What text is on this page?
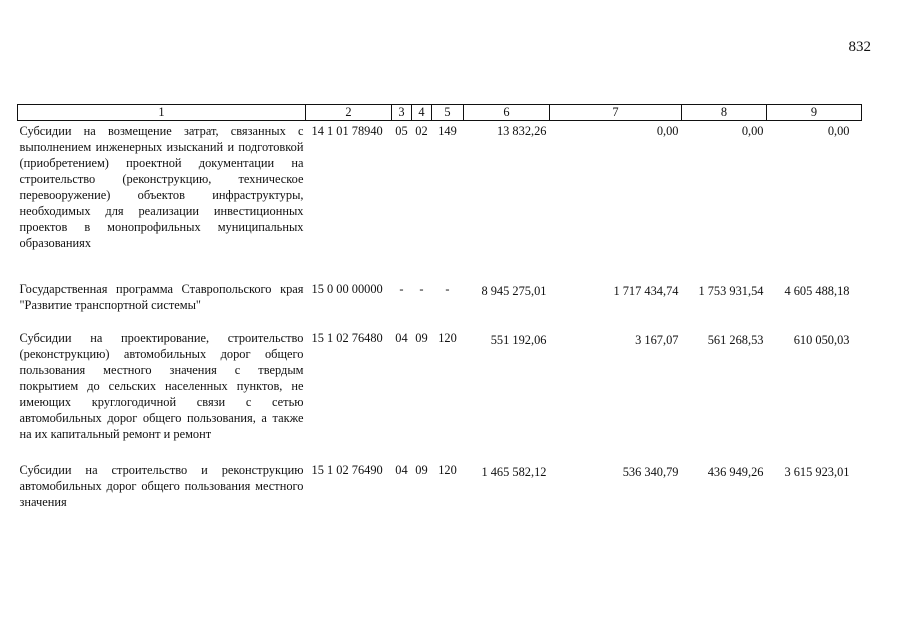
832
1	2	3	4	5	6	7	8	9
Субсидии на возмещение затрат, связанных с выполнением инженерных изысканий и подготовкой (приобретением) проектной документации на строительство (реконструкцию, техническое перевооружение) объектов инфраструктуры, необходимых для реализации инвестиционных проектов в монопрофильных муниципальных образованиях	14 1 01 78940	05	02	149	13 832,26	0,00	0,00	0,00
Государственная программа Ставропольского края "Развитие транспортной системы"	15 0 00 00000	-	-	-	8 945 275,01	1 717 434,74	1 753 931,54	4 605 488,18
Субсидии на проектирование, строительство (реконструкцию) автомобильных дорог общего пользования местного значения с твердым покрытием до сельских населенных пунктов, не имеющих круглогодичной связи с сетью автомобильных дорог общего пользования, а также на их капитальный ремонт и ремонт	15 1 02 76480	04	09	120	551 192,06	3 167,07	561 268,53	610 050,03
Субсидии на строительство и реконструкцию автомобильных дорог общего пользования местного значения	15 1 02 76490	04	09	120	1 465 582,12	536 340,79	436 949,26	3 615 923,01
